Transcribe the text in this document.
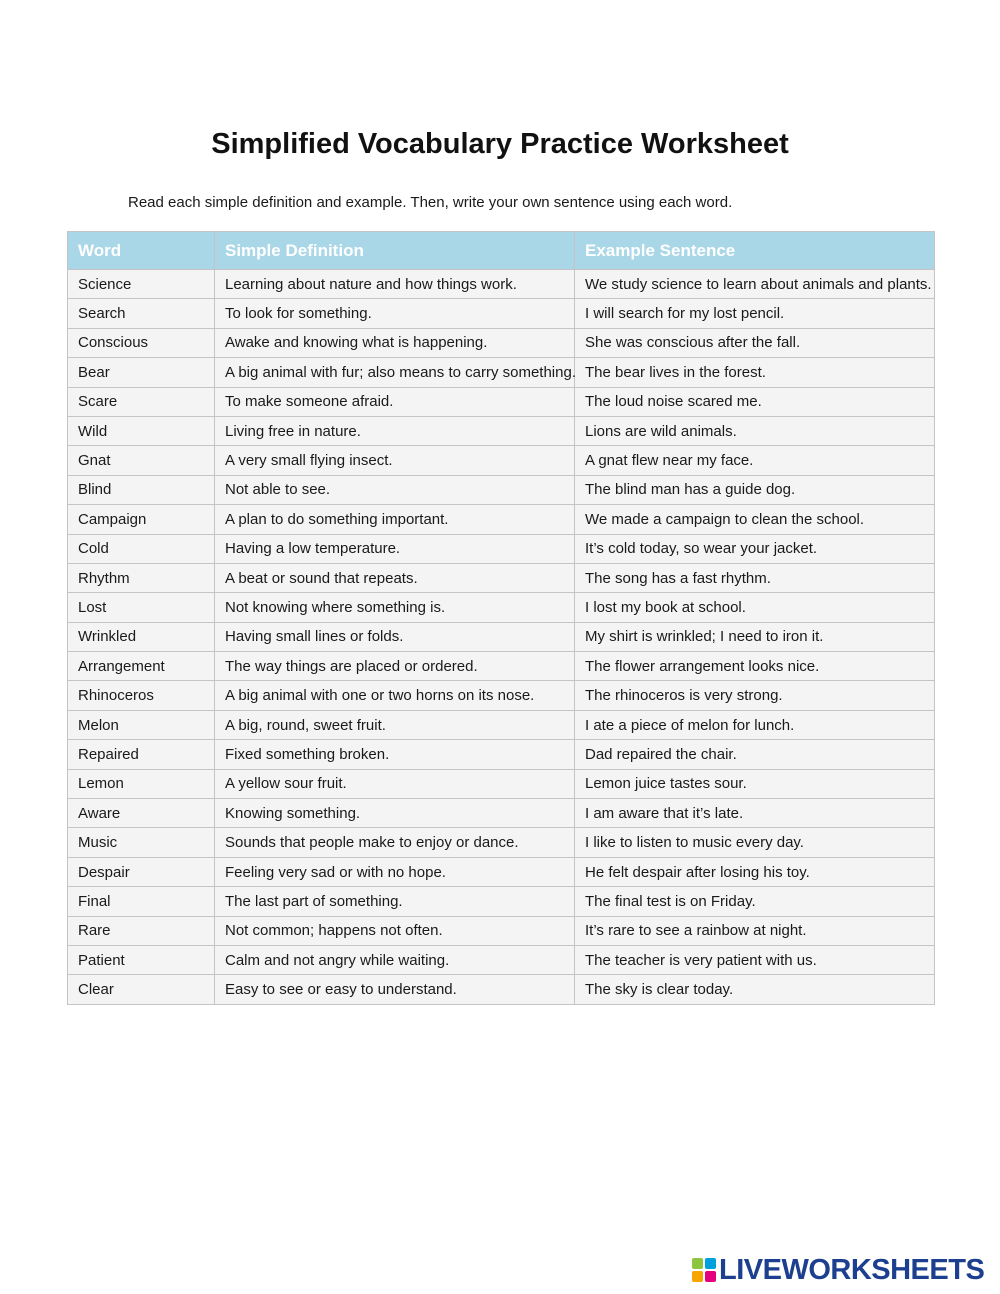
Simplified Vocabulary Practice Worksheet
Read each simple definition and example. Then, write your own sentence using each word.
Word	Simple Definition	Example Sentence
Science	Learning about nature and how things work.	We study science to learn about animals and plants.
Search	To look for something.	I will search for my lost pencil.
Conscious	Awake and knowing what is happening.	She was conscious after the fall.
Bear	A big animal with fur; also means to carry something.	The bear lives in the forest.
Scare	To make someone afraid.	The loud noise scared me.
Wild	Living free in nature.	Lions are wild animals.
Gnat	A very small flying insect.	A gnat flew near my face.
Blind	Not able to see.	The blind man has a guide dog.
Campaign	A plan to do something important.	We made a campaign to clean the school.
Cold	Having a low temperature.	It’s cold today, so wear your jacket.
Rhythm	A beat or sound that repeats.	The song has a fast rhythm.
Lost	Not knowing where something is.	I lost my book at school.
Wrinkled	Having small lines or folds.	My shirt is wrinkled; I need to iron it.
Arrangement	The way things are placed or ordered.	The flower arrangement looks nice.
Rhinoceros	A big animal with one or two horns on its nose.	The rhinoceros is very strong.
Melon	A big, round, sweet fruit.	I ate a piece of melon for lunch.
Repaired	Fixed something broken.	Dad repaired the chair.
Lemon	A yellow sour fruit.	Lemon juice tastes sour.
Aware	Knowing something.	I am aware that it’s late.
Music	Sounds that people make to enjoy or dance.	I like to listen to music every day.
Despair	Feeling very sad or with no hope.	He felt despair after losing his toy.
Final	The last part of something.	The final test is on Friday.
Rare	Not common; happens not often.	It’s rare to see a rainbow at night.
Patient	Calm and not angry while waiting.	The teacher is very patient with us.
Clear	Easy to see or easy to understand.	The sky is clear today.
LIVEWORKSHEETS
